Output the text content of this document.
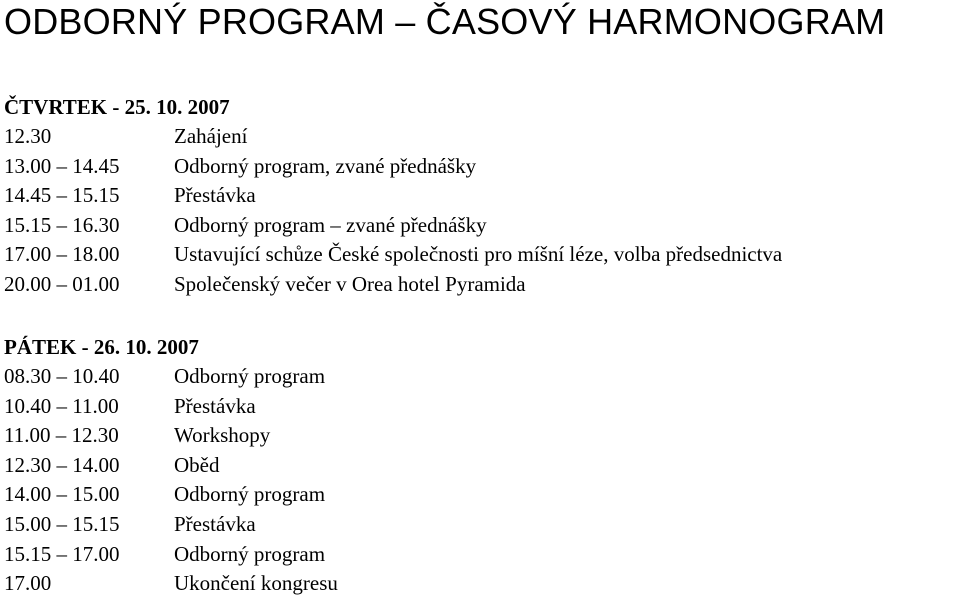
ODBORNÝ PROGRAM – ČASOVÝ HARMONOGRAM
ČTVRTEK - 25. 10. 2007
12.30	Zahájení
13.00 – 14.45	Odborný program, zvané přednášky
14.45 – 15.15	Přestávka
15.15 – 16.30	Odborný program – zvané přednášky
17.00 – 18.00	Ustavující schůze České společnosti pro míšní léze, volba předsednictva
20.00 – 01.00	Společenský večer v Orea hotel Pyramida
PÁTEK - 26. 10. 2007
08.30 – 10.40	Odborný program
10.40 – 11.00	Přestávka
11.00 – 12.30	Workshopy
12.30 – 14.00	Oběd
14.00 – 15.00	Odborný program
15.00 – 15.15	Přestávka
15.15 – 17.00	Odborný program
17.00	Ukončení kongresu
